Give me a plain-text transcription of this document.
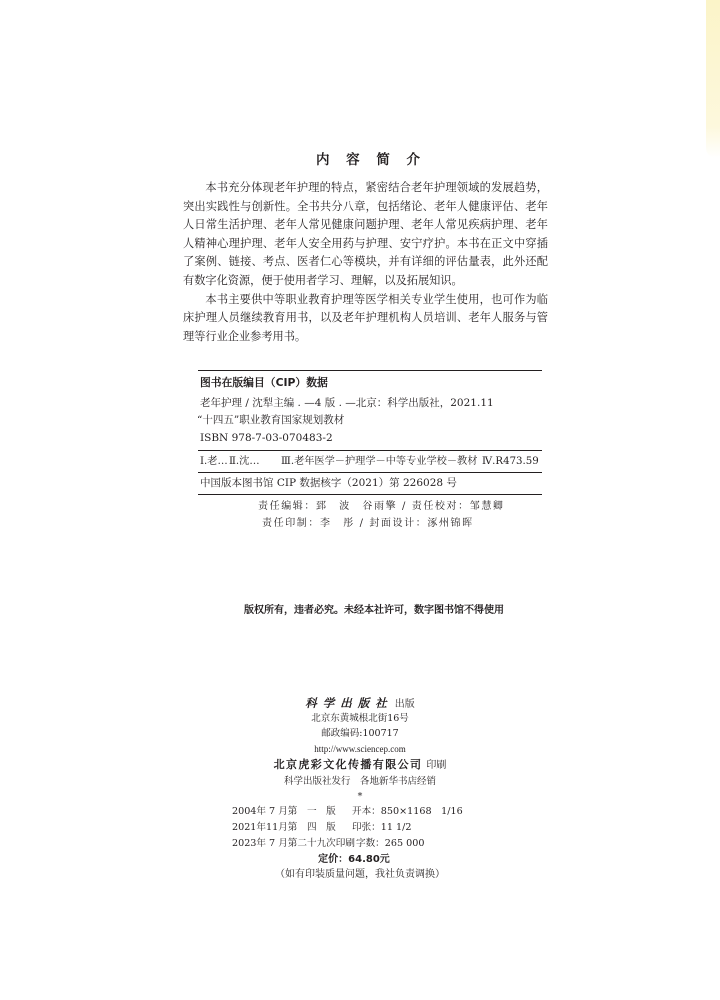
内 容 简 介
本书充分体现老年护理的特点，紧密结合老年护理领域的发展趋势，
突出实践性与创新性。全书共分八章，包括绪论、老年人健康评估、老年
人日常生活护理、老年人常见健康问题护理、老年人常见疾病护理、老年
人精神心理护理、老年人安全用药与护理、安宁疗护。本书在正文中穿插
了案例、链接、考点、医者仁心等模块，并有详细的评估量表，此外还配
有数字化资源，便于使用者学习、理解，以及拓展知识。
本书主要供中等职业教育护理等医学相关专业学生使用，也可作为临
床护理人员继续教育用书，以及老年护理机构人员培训、老年人服务与管
理等行业企业参考用书。
图书在版编目（CIP）数据
老年护理 / 沈犁主编 . —4 版 . —北京：科学出版社，2021.11
“十四五”职业教育国家规划教材
ISBN 978-7-03-070483-2
Ⅰ.老… Ⅱ.沈… Ⅲ.老年医学－护理学－中等专业学校－教材 Ⅳ.R473.59
中国版本图书馆 CIP 数据核字（2021）第 226028 号
责任编辑：郅　波　谷雨擎 / 责任校对：邹慧卿
责任印制：李　彤 / 封面设计：涿州锦晖
版权所有，违者必究。未经本社许可，数字图书馆不得使用
科学出版社 出版
北京东黄城根北街16号
邮政编码:100717
http://www.sciencep.com
北京虎彩文化传播有限公司 印刷
科学出版社发行　各地新华书店经销
*
2004年 7 月第　一　版 开本：850×1168　1/16
2021年11月第　四　版 印张：11 1/2
2023年 7 月第二十九次印刷 字数：265 000
定价：64.80元
（如有印装质量问题，我社负责调换）
